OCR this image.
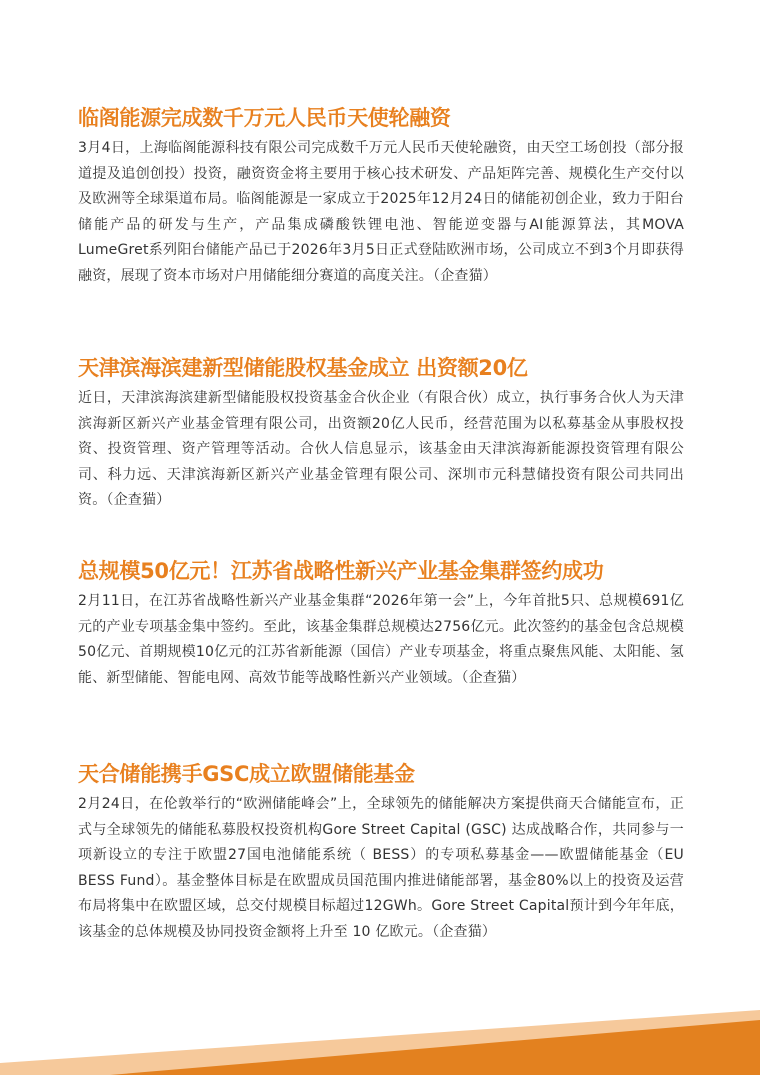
临阁能源完成数千万元人民币天使轮融资

3月4日，上海临阁能源科技有限公司完成数千万元人民币天使轮融资，由天空工场创投（部分报道提及追创创投）投资，融资资金将主要用于核心技术研发、产品矩阵完善、规模化生产交付以及欧洲等全球渠道布局。临阁能源是一家成立于2025年12月24日的储能初创企业，致力于阳台储能产品的研发与生产，产品集成磷酸铁锂电池、智能逆变器与AI能源算法，其MOVA LumeGret系列阳台储能产品已于2026年3月5日正式登陆欧洲市场，公司成立不到3个月即获得融资，展现了资本市场对户用储能细分赛道的高度关注。（企查猫）

天津滨海滨建新型储能股权基金成立 出资额20亿

近日，天津滨海滨建新型储能股权投资基金合伙企业（有限合伙）成立，执行事务合伙人为天津滨海新区新兴产业基金管理有限公司，出资额20亿人民币，经营范围为以私募基金从事股权投资、投资管理、资产管理等活动。合伙人信息显示，该基金由天津滨海新能源投资管理有限公司、科力远、天津滨海新区新兴产业基金管理有限公司、深圳市元科慧储投资有限公司共同出资。（企查猫）

总规模50亿元！江苏省战略性新兴产业基金集群签约成功

2月11日，在江苏省战略性新兴产业基金集群“2026年第一会”上，今年首批5只、总规模691亿元的产业专项基金集中签约。至此，该基金集群总规模达2756亿元。此次签约的基金包含总规模50亿元、首期规模10亿元的江苏省新能源（国信）产业专项基金，将重点聚焦风能、太阳能、氢能、新型储能、智能电网、高效节能等战略性新兴产业领域。（企查猫）

天合储能携手GSC成立欧盟储能基金

2月24日，在伦敦举行的“欧洲储能峰会”上，全球领先的储能解决方案提供商天合储能宣布，正式与全球领先的储能私募股权投资机构Gore Street Capital (GSC) 达成战略合作，共同参与一项新设立的专注于欧盟27国电池储能系统（ BESS）的专项私募基金——欧盟储能基金（EU BESS Fund）。基金整体目标是在欧盟成员国范围内推进储能部署，基金80%以上的投资及运营布局将集中在欧盟区域，总交付规模目标超过12GWh。Gore Street Capital预计到今年年底，该基金的总体规模及协同投资金额将上升至 10 亿欧元。（企查猫）
